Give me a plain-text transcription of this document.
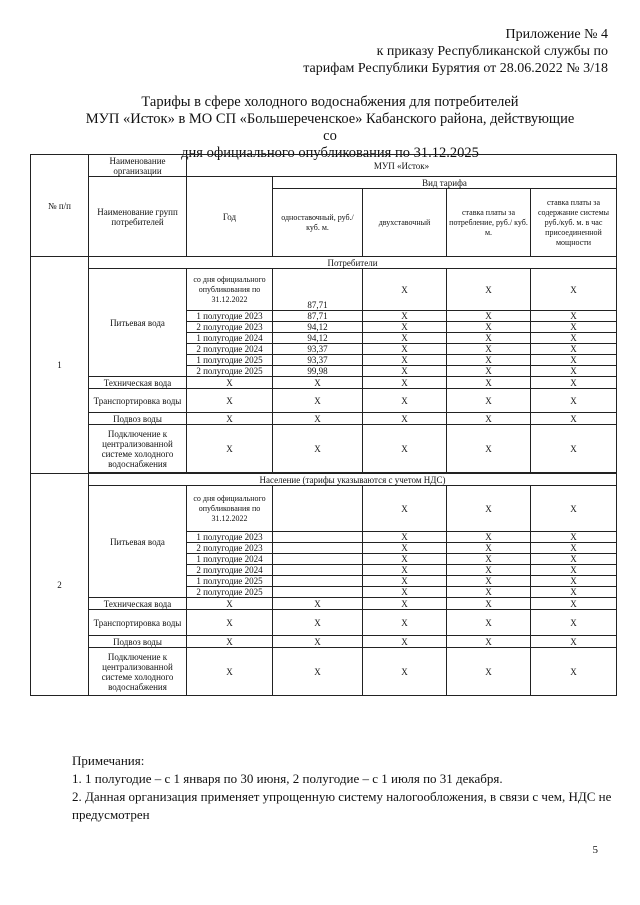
Приложение № 4
к приказу Республиканской службы по
тарифам Республики Бурятия от 28.06.2022 № 3/18
Тарифы в сфере холодного водоснабжения для потребителей
МУП «Исток» в МО СП «Большереченское» Кабанского района, действующие со
дня официального опубликования по 31.12.2025
№ п/п	Наименование организации	МУП «Исток»				
	Наименование групп потребителей	Год	Вид тарифа			
			одноставочный, руб./ куб. м.	двухставочный	ставка платы за потребление, руб./ куб. м.	ставка платы за содержание системы руб./куб. м. в час присоединенной мощности
1	Потребители					
	Питьевая вода	со дня официального опубликования по 31.12.2022	87,71	X	X	X
		1 полугодие 2023	87,71	X	X	X
		2 полугодие 2023	94,12	X	X	X
		1 полугодие 2024	94,12	X	X	X
		2 полугодие 2024	93,37	X	X	X
		1 полугодие 2025	93,37	X	X	X
		2 полугодие 2025	99,98	X	X	X
	Техническая вода	X	X	X	X	X
	Транспортировка воды	X	X	X	X	X
	Подвоз воды	X	X	X	X	X
	Подключение к централизованной системе холодного водоснабжения	X	X	X	X	X

2	Население (тарифы указываются с учетом НДС)					
	Питьевая вода	со дня официального опубликования по 31.12.2022		X	X	X
		1 полугодие 2023		X	X	X
		2 полугодие 2023		X	X	X
		1 полугодие 2024		X	X	X
		2 полугодие 2024		X	X	X
		1 полугодие 2025		X	X	X
		2 полугодие 2025		X	X	X
	Техническая вода	X	X	X	X	X
	Транспортировка воды	X	X	X	X	X
	Подвоз воды	X	X	X	X	X
	Подключение к централизованной системе холодного водоснабжения	X	X	X	X	X
Примечания:
1. 1 полугодие – с 1 января по 30 июня, 2 полугодие – с 1 июля по 31 декабря.
2. Данная организация применяет упрощенную систему налогообложения, в связи с чем, НДС не предусмотрен
5
